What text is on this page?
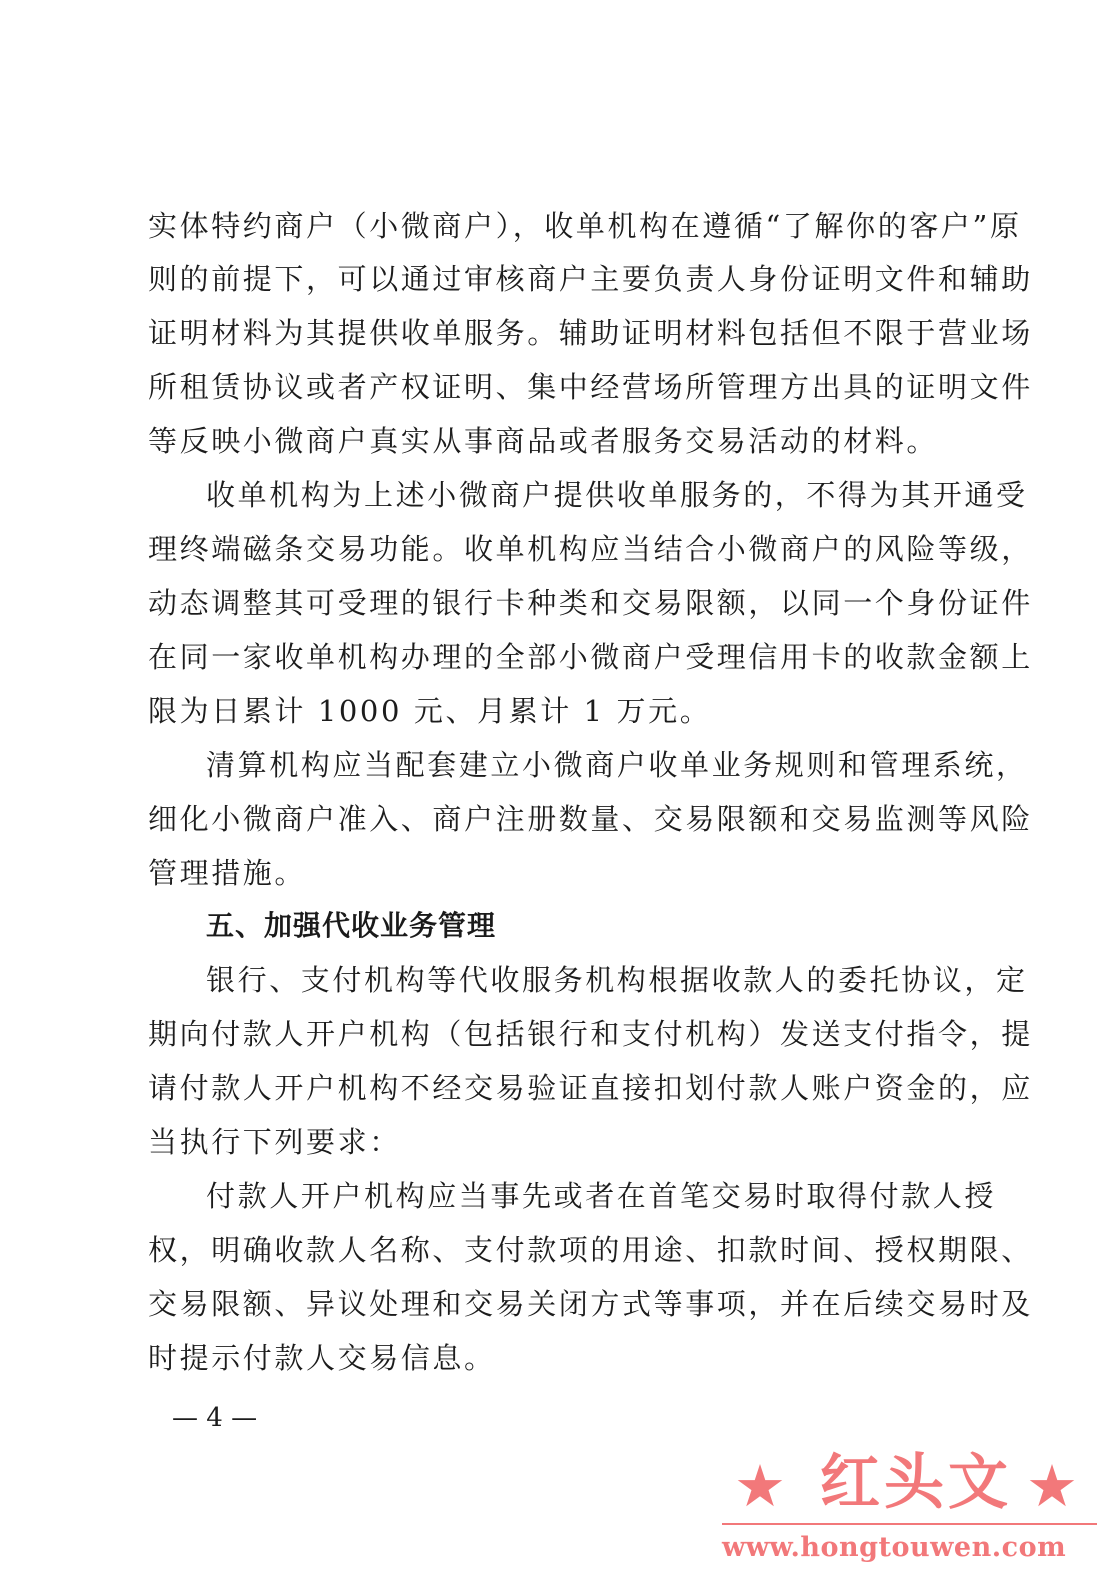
实体特约商户（小微商户），收单机构在遵循“了解你的客户”原
则的前提下，可以通过审核商户主要负责人身份证明文件和辅助
证明材料为其提供收单服务。辅助证明材料包括但不限于营业场
所租赁协议或者产权证明、集中经营场所管理方出具的证明文件
等反映小微商户真实从事商品或者服务交易活动的材料。
收单机构为上述小微商户提供收单服务的，不得为其开通受
理终端磁条交易功能。收单机构应当结合小微商户的风险等级，
动态调整其可受理的银行卡种类和交易限额，以同一个身份证件
在同一家收单机构办理的全部小微商户受理信用卡的收款金额上
限为日累计 1000 元、月累计 1 万元。
清算机构应当配套建立小微商户收单业务规则和管理系统，
细化小微商户准入、商户注册数量、交易限额和交易监测等风险
管理措施。
五、加强代收业务管理
银行、支付机构等代收服务机构根据收款人的委托协议，定
期向付款人开户机构（包括银行和支付机构）发送支付指令，提
请付款人开户机构不经交易验证直接扣划付款人账户资金的，应
当执行下列要求：
付款人开户机构应当事先或者在首笔交易时取得付款人授
权，明确收款人名称、支付款项的用途、扣款时间、授权期限、
交易限额、异议处理和交易关闭方式等事项，并在后续交易时及
时提示付款人交易信息。
— 4 —
★ 红头文 ★
www.hongtouwen.com
